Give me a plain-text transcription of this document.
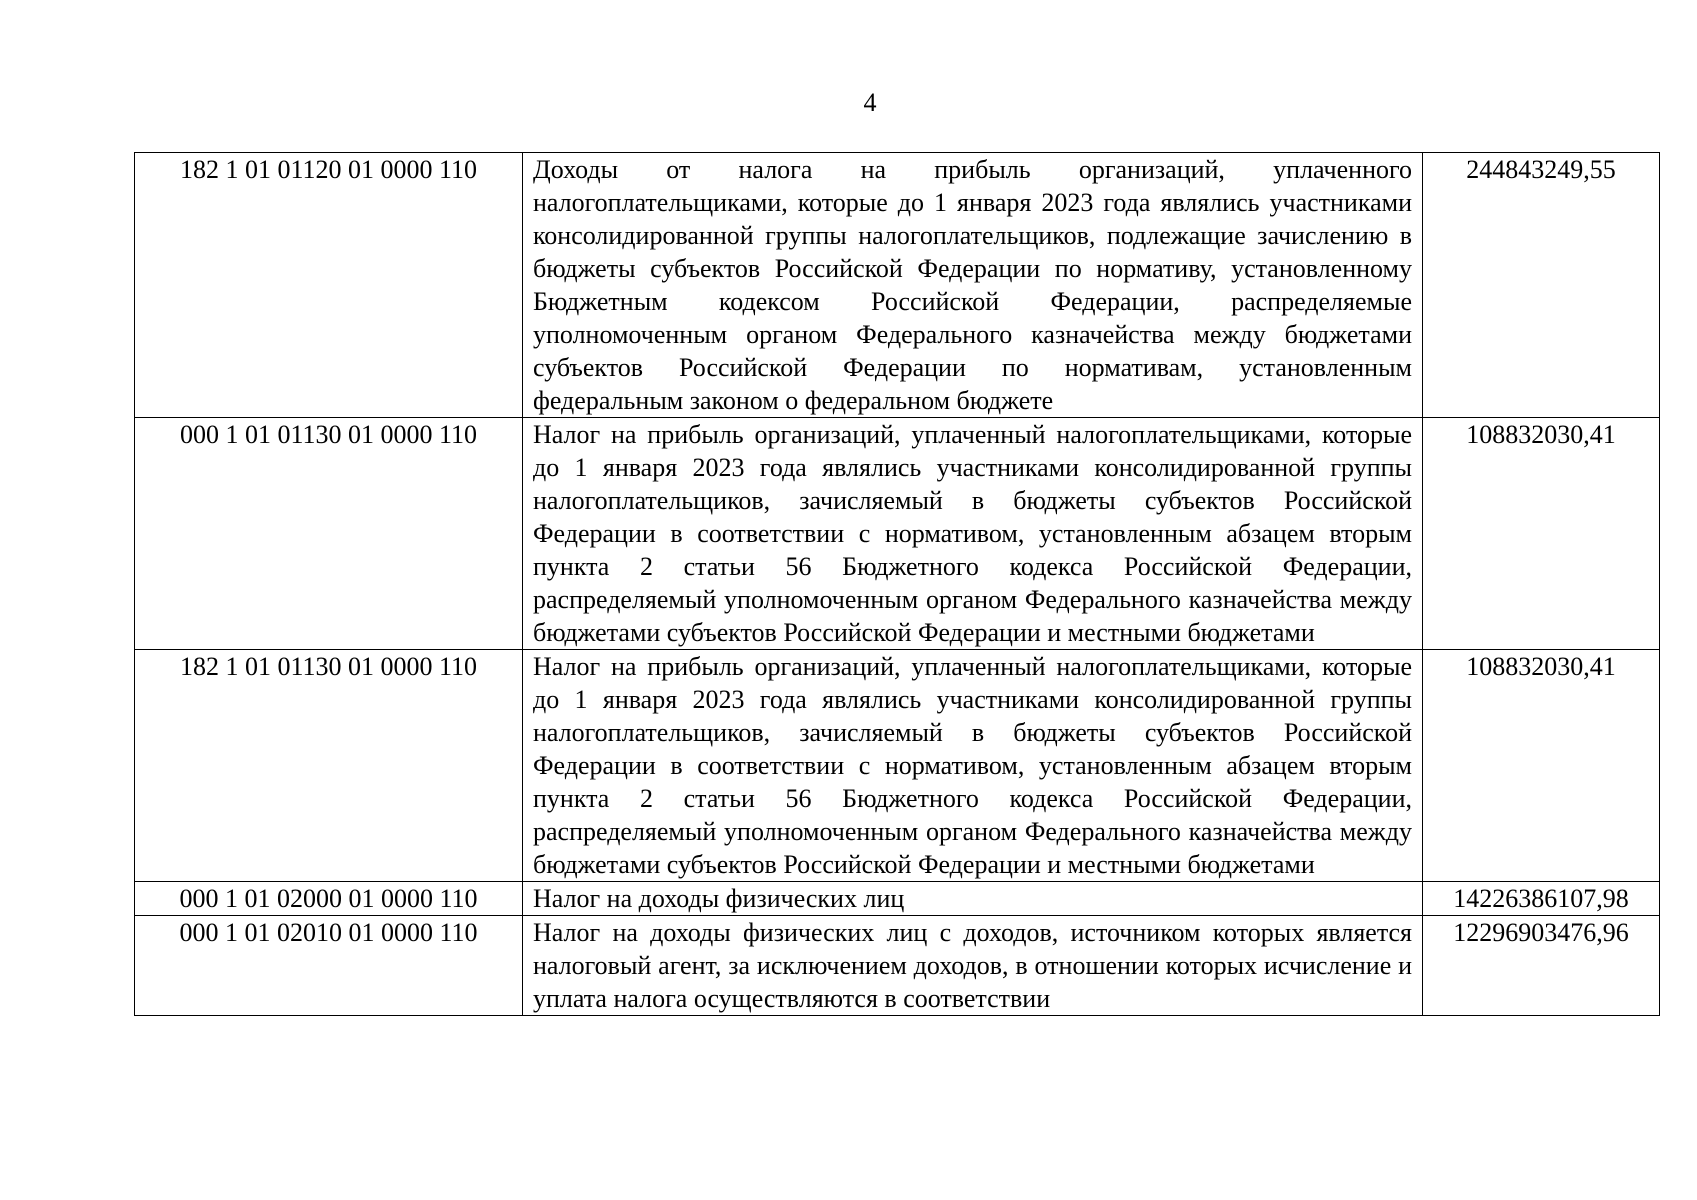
4
182 1 01 01120 01 0000 110	Доходы от налога на прибыль организаций, уплаченного налогоплательщиками, которые до 1 января 2023 года являлись участниками консолидированной группы налогоплательщиков, подлежащие зачислению в бюджеты субъектов Российской Федерации по нормативу, установленному Бюджетным кодексом Российской Федерации, распределяемые уполномоченным органом Федерального казначейства между бюджетами субъектов Российской Федерации по нормативам, установленным федеральным законом о федеральном бюджете	244843249,55
000 1 01 01130 01 0000 110	Налог на прибыль организаций, уплаченный налогоплательщиками, которые до 1 января 2023 года являлись участниками консолидированной группы налогоплательщиков, зачисляемый в бюджеты субъектов Российской Федерации в соответствии с нормативом, установленным абзацем вторым пункта 2 статьи 56 Бюджетного кодекса Российской Федерации, распределяемый уполномоченным органом Федерального казначейства между бюджетами субъектов Российской Федерации и местными бюджетами	108832030,41
182 1 01 01130 01 0000 110	Налог на прибыль организаций, уплаченный налогоплательщиками, которые до 1 января 2023 года являлись участниками консолидированной группы налогоплательщиков, зачисляемый в бюджеты субъектов Российской Федерации в соответствии с нормативом, установленным абзацем вторым пункта 2 статьи 56 Бюджетного кодекса Российской Федерации, распределяемый уполномоченным органом Федерального казначейства между бюджетами субъектов Российской Федерации и местными бюджетами	108832030,41
000 1 01 02000 01 0000 110	Налог на доходы физических лиц	14226386107,98
000 1 01 02010 01 0000 110	Налог на доходы физических лиц с доходов, источником которых является налоговый агент, за исключением доходов, в отношении которых исчисление и уплата налога осуществляются в соответствии	12296903476,96
